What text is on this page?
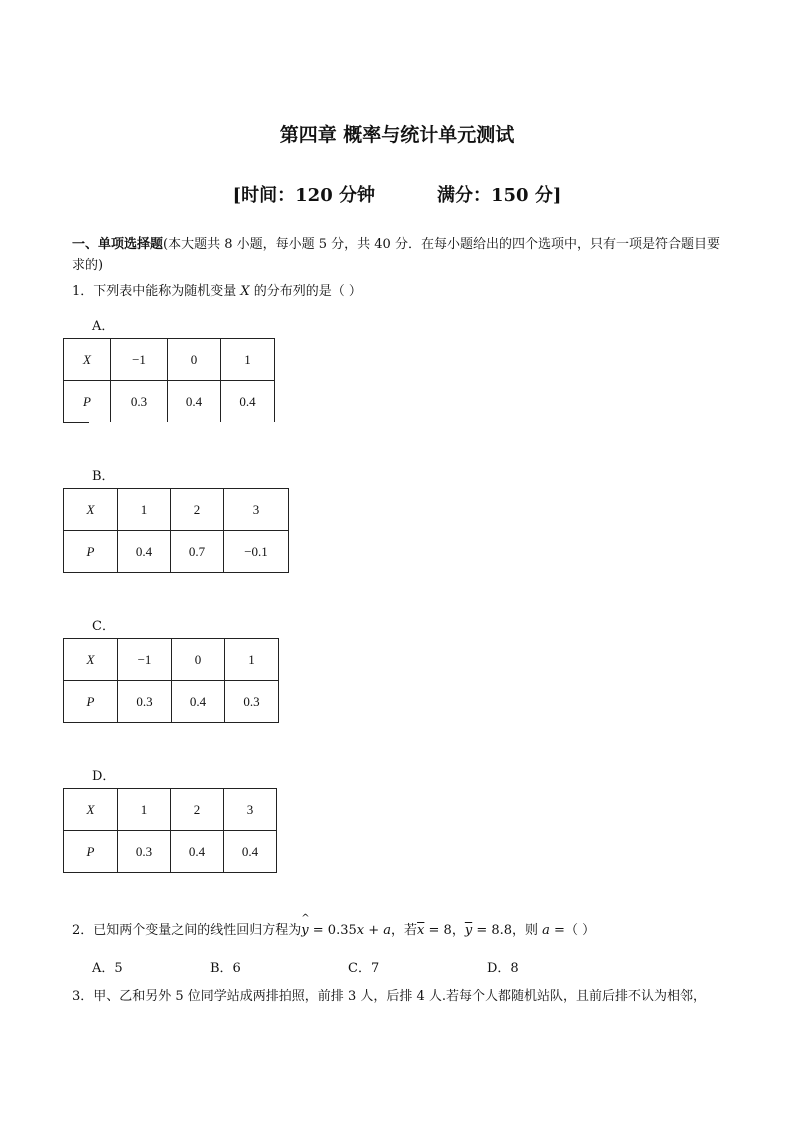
第四章 概率与统计单元测试
[时间：120 分钟	满分：150 分]
一、单项选择题(本大题共 8 小题，每小题 5 分，共 40 分．在每小题给出的四个选项中，只有一项是符合题目要求的)
1．下列表中能称为随机变量 X 的分布列的是（ ）
A．
X	−1	0	1
P	0.3	0.4	0.4
B．
X	1	2	3
P	0.4	0.7	−0.1
C．
X	−1	0	1
P	0.3	0.4	0.3
D．
X	1	2	3
P	0.3	0.4	0.4
2．已知两个变量之间的线性回归方程为
^
y = 0.35x + a，若$\overline{x} = 8$，$\overline{y} = 8.8$，则 a =（ ）
A．5	B．6	C．7	D．8
3．甲、乙和另外 5 位同学站成两排拍照，前排 3 人，后排 4 人.若每个人都随机站队，且前后排不认为相邻，
